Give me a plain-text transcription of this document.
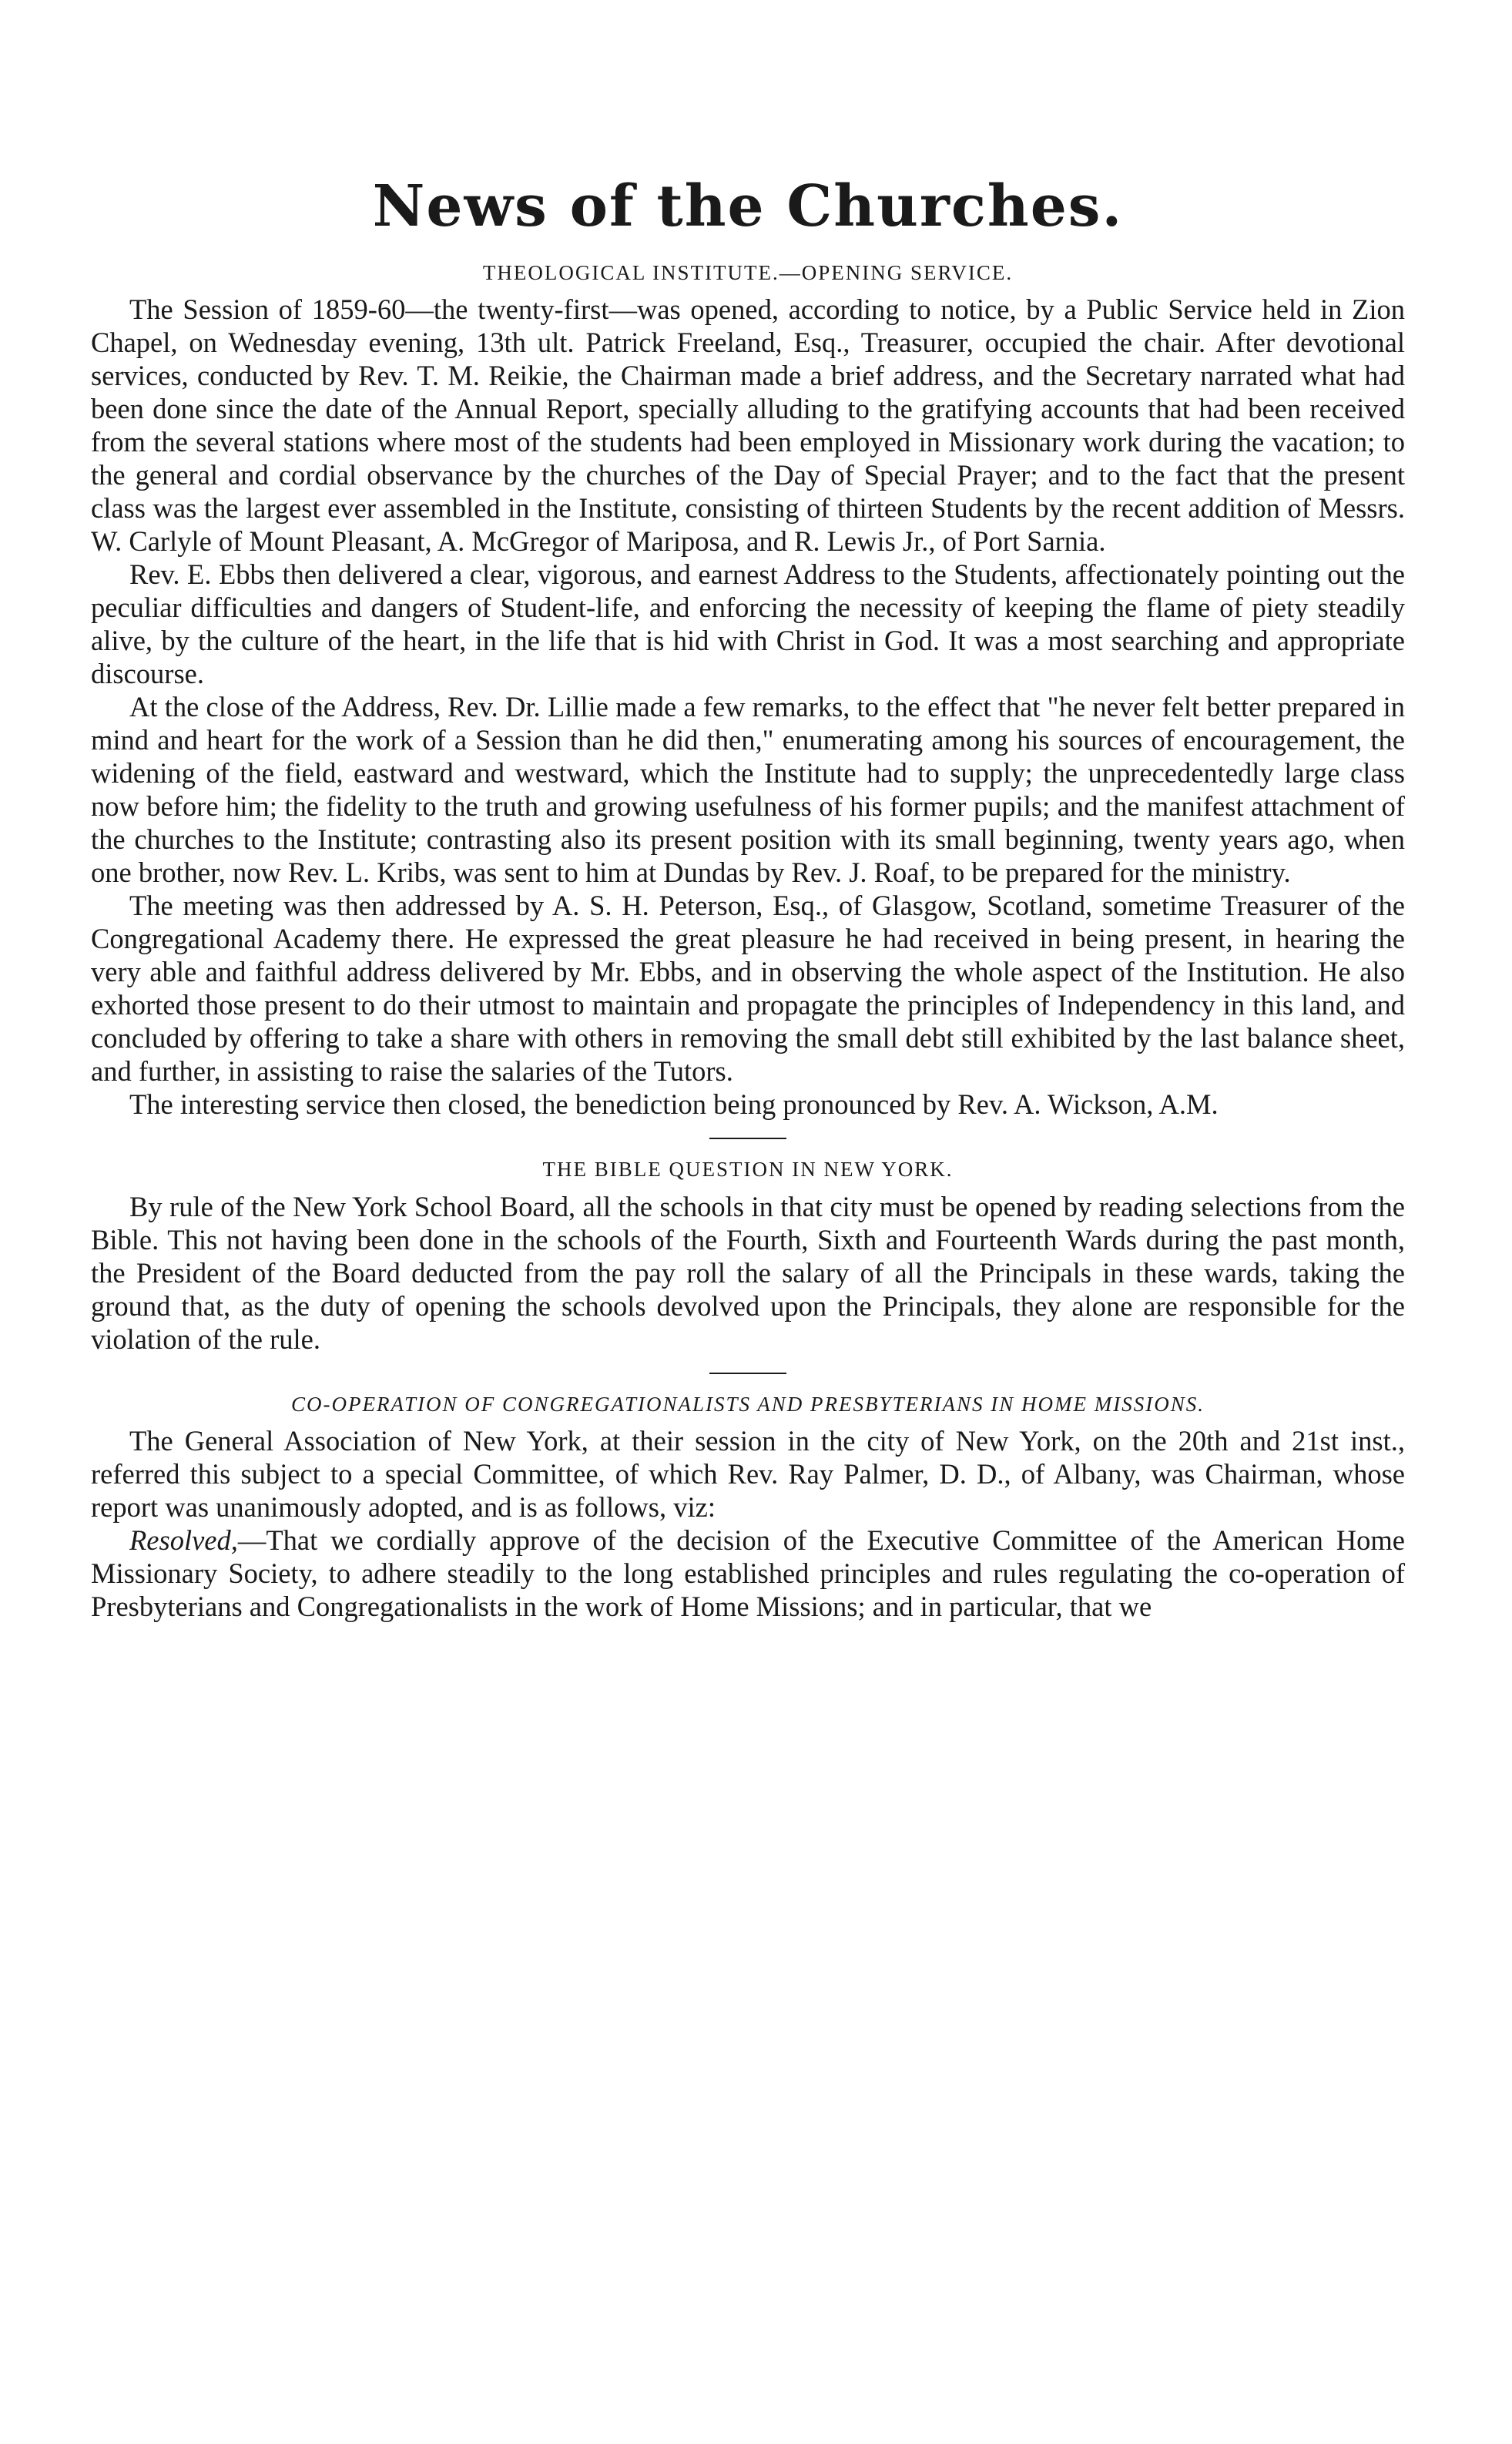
News of the Churches.
THEOLOGICAL INSTITUTE.—OPENING SERVICE.

The Session of 1859-60—the twenty-first—was opened, according to notice, by a Public Service held in Zion Chapel, on Wednesday evening, 13th ult. Patrick Freeland, Esq., Treasurer, occupied the chair. After devotional services, conducted by Rev. T. M. Reikie, the Chairman made a brief address, and the Secretary narrated what had been done since the date of the Annual Report, specially alluding to the gratifying accounts that had been received from the several stations where most of the students had been employed in Missionary work during the vacation; to the general and cordial observance by the churches of the Day of Special Prayer; and to the fact that the present class was the largest ever assembled in the Institute, consisting of thirteen Students by the recent addition of Messrs. W. Carlyle of Mount Pleasant, A. McGregor of Mariposa, and R. Lewis Jr., of Port Sarnia.

Rev. E. Ebbs then delivered a clear, vigorous, and earnest Address to the Students, affectionately pointing out the peculiar difficulties and dangers of Student-life, and enforcing the necessity of keeping the flame of piety steadily alive, by the culture of the heart, in the life that is hid with Christ in God. It was a most searching and appropriate discourse.

At the close of the Address, Rev. Dr. Lillie made a few remarks, to the effect that "he never felt better prepared in mind and heart for the work of a Session than he did then," enumerating among his sources of encouragement, the widening of the field, eastward and westward, which the Institute had to supply; the unprecedentedly large class now before him; the fidelity to the truth and growing usefulness of his former pupils; and the manifest attachment of the churches to the Institute; contrasting also its present position with its small beginning, twenty years ago, when one brother, now Rev. L. Kribs, was sent to him at Dundas by Rev. J. Roaf, to be prepared for the ministry.

The meeting was then addressed by A. S. H. Peterson, Esq., of Glasgow, Scotland, sometime Treasurer of the Congregational Academy there. He expressed the great pleasure he had received in being present, in hearing the very able and faithful address delivered by Mr. Ebbs, and in observing the whole aspect of the Institution. He also exhorted those present to do their utmost to maintain and propagate the principles of Independency in this land, and concluded by offering to take a share with others in removing the small debt still exhibited by the last balance sheet, and further, in assisting to raise the salaries of the Tutors.

The interesting service then closed, the benediction being pronounced by Rev. A. Wickson, A.M.

THE BIBLE QUESTION IN NEW YORK.

By rule of the New York School Board, all the schools in that city must be opened by reading selections from the Bible. This not having been done in the schools of the Fourth, Sixth and Fourteenth Wards during the past month, the President of the Board deducted from the pay roll the salary of all the Principals in these wards, taking the ground that, as the duty of opening the schools devolved upon the Principals, they alone are responsible for the violation of the rule.

CO-OPERATION OF CONGREGATIONALISTS AND PRESBYTERIANS IN HOME MISSIONS.

The General Association of New York, at their session in the city of New York, on the 20th and 21st inst., referred this subject to a special Committee, of which Rev. Ray Palmer, D. D., of Albany, was Chairman, whose report was unanimously adopted, and is as follows, viz:

Resolved,—That we cordially approve of the decision of the Executive Committee of the American Home Missionary Society, to adhere steadily to the long established principles and rules regulating the co-operation of Presbyterians and Congregationalists in the work of Home Missions; and in particular, that we
